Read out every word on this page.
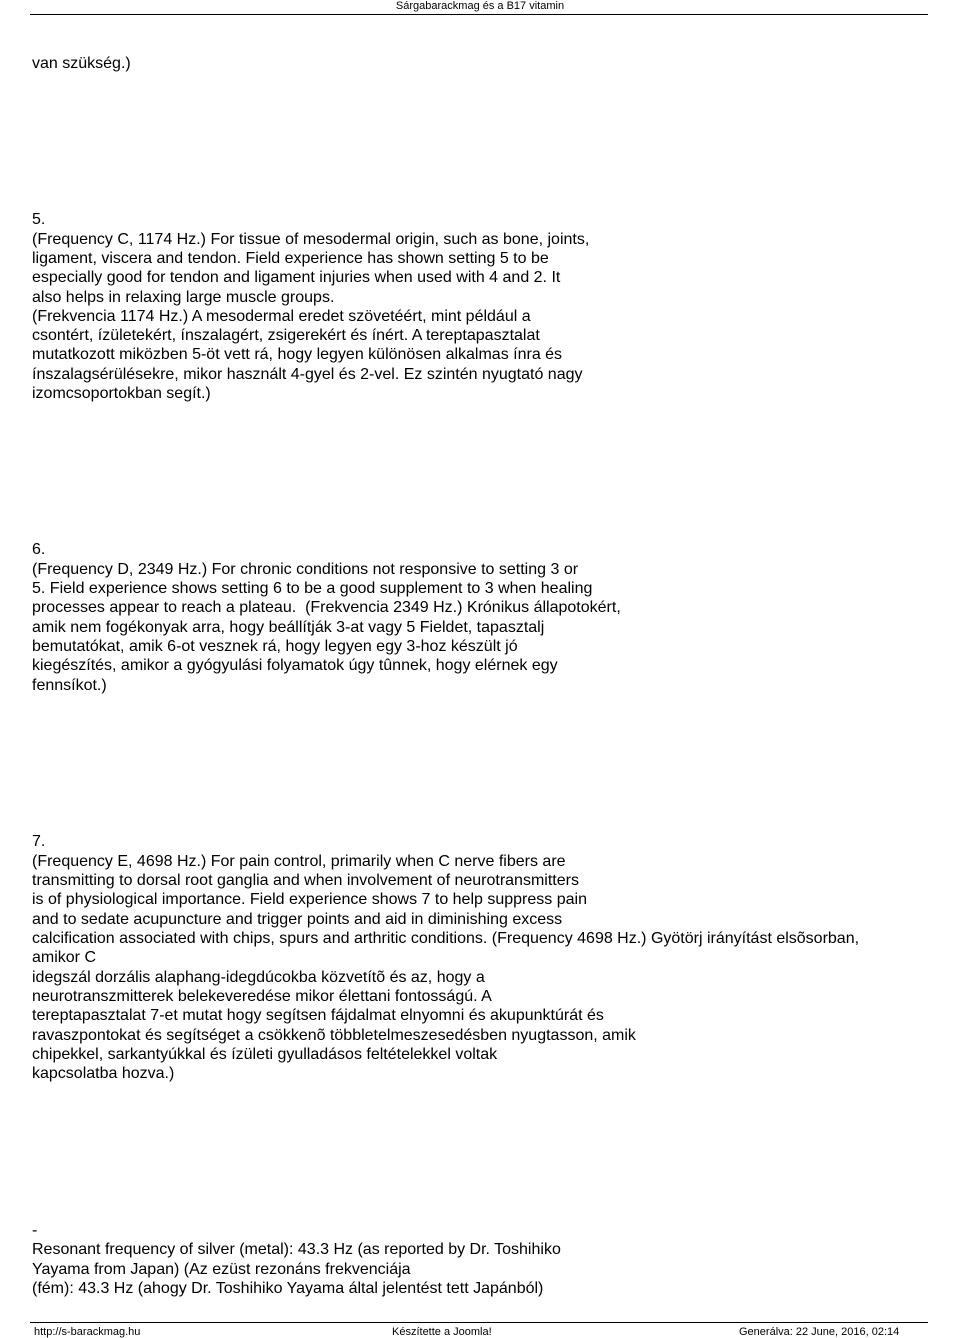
Sárgabarackmag és a B17 vitamin

van szükség.)

5.

(Frequency C, 1174 Hz.) For tissue of mesodermal origin, such as bone, joints,

ligament, viscera and tendon. Field experience has shown setting 5 to be

especially good for tendon and ligament injuries when used with 4 and 2. It

also helps in relaxing large muscle groups.

(Frekvencia 1174 Hz.) A mesodermal eredet szövetéért, mint például a

csontért, ízületekért, ínszalagért, zsigerekért és ínért. A tereptapasztalat

mutatkozott miközben 5-öt vett rá, hogy legyen különösen alkalmas ínra és

ínszalagsérülésekre, mikor használt 4-gyel és 2-vel. Ez szintén nyugtató nagy

izomcsoportokban segít.)

6.

(Frequency D, 2349 Hz.) For chronic conditions not responsive to setting 3 or

5. Field experience shows setting 6 to be a good supplement to 3 when healing

processes appear to reach a plateau.  (Frekvencia 2349 Hz.) Krónikus állapotokért,

amik nem fogékonyak arra, hogy beállítják 3-at vagy 5 Fieldet, tapasztalj

bemutatókat, amik 6-ot vesznek rá, hogy legyen egy 3-hoz készült jó

kiegészítés, amikor a gyógyulási folyamatok úgy tûnnek, hogy elérnek egy

fennsíkot.)

7.

(Frequency E, 4698 Hz.) For pain control, primarily when C nerve fibers are

transmitting to dorsal root ganglia and when involvement of neurotransmitters

is of physiological importance. Field experience shows 7 to help suppress pain

and to sedate acupuncture and trigger points and aid in diminishing excess

calcification associated with chips, spurs and arthritic conditions. (Frequency 4698 Hz.) Gyötörj irányítást elsõsorban,

amikor C

idegszál dorzális alaphang-idegdúcokba közvetítõ és az, hogy a

neurotranszmitterek belekeveredése mikor élettani fontosságú. A

tereptapasztalat 7-et mutat hogy segítsen fájdalmat elnyomni és akupunktúrát és

ravaszpontokat és segítséget a csökkenõ többletelmeszesedésben nyugtasson, amik

chipekkel, sarkantyúkkal és ízületi gyulladásos feltételekkel voltak

kapcsolatba hozva.)

-

Resonant frequency of silver (metal): 43.3 Hz (as reported by Dr. Toshihiko

Yayama from Japan) (Az ezüst rezonáns frekvenciája

(fém): 43.3 Hz (ahogy Dr. Toshihiko Yayama által jelentést tett Japánból)

http://s-barackmag.hu	Készítette a Joomla!	Generálva: 22 June, 2016, 02:14
